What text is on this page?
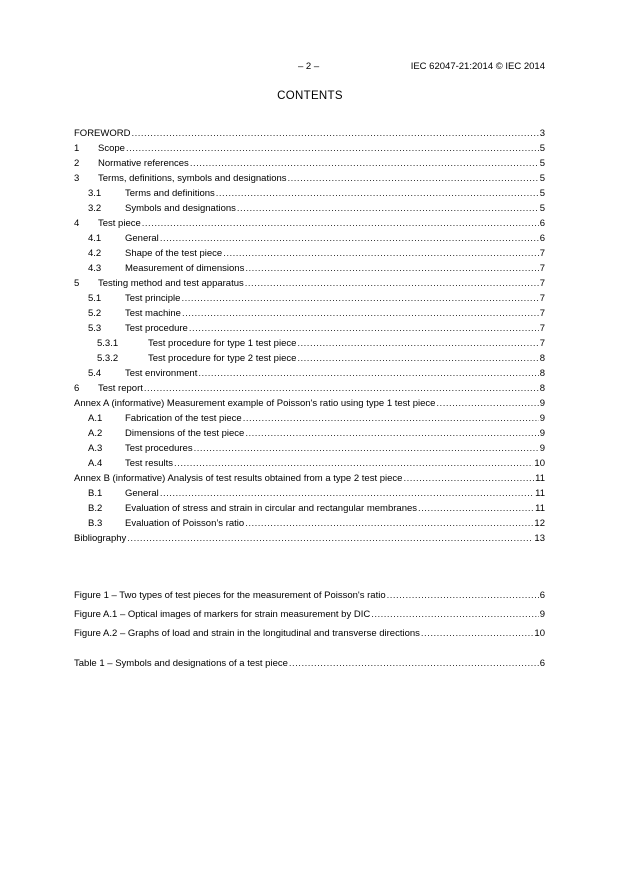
– 2 –	IEC 62047-21:2014 © IEC 2014
CONTENTS
FOREWORD .....	3
1	Scope .....	5
2	Normative references .....	5
3	Terms, definitions, symbols and designations .....	5
3.1	Terms and definitions .....	5
3.2	Symbols and designations .....	5
4	Test piece .....	6
4.1	General .....	6
4.2	Shape of the test piece .....	7
4.3	Measurement of dimensions .....	7
5	Testing method and test apparatus .....	7
5.1	Test principle .....	7
5.2	Test machine .....	7
5.3	Test procedure .....	7
5.3.1	Test procedure for type 1 test piece .....	7
5.3.2	Test procedure for type 2 test piece .....	8
5.4	Test environment .....	8
6	Test report .....	8
Annex A (informative) Measurement example of Poisson's ratio using type 1 test piece .....	9
A.1	Fabrication of the test piece .....	9
A.2	Dimensions of the test piece .....	9
A.3	Test procedures .....	9
A.4	Test results .....	10
Annex B (informative) Analysis of test results obtained from a type 2 test piece .....	11
B.1	General .....	11
B.2	Evaluation of stress and strain in circular and rectangular membranes .....	11
B.3	Evaluation of Poisson’s ratio .....	12
Bibliography .....	13
Figure 1 – Two types of test pieces for the measurement of Poisson's ratio .....	6
Figure A.1 – Optical images of markers for strain measurement by DIC .....	9
Figure A.2 – Graphs of load and strain in the longitudinal and transverse directions .....	10
Table 1 – Symbols and designations of a test piece .....	6
